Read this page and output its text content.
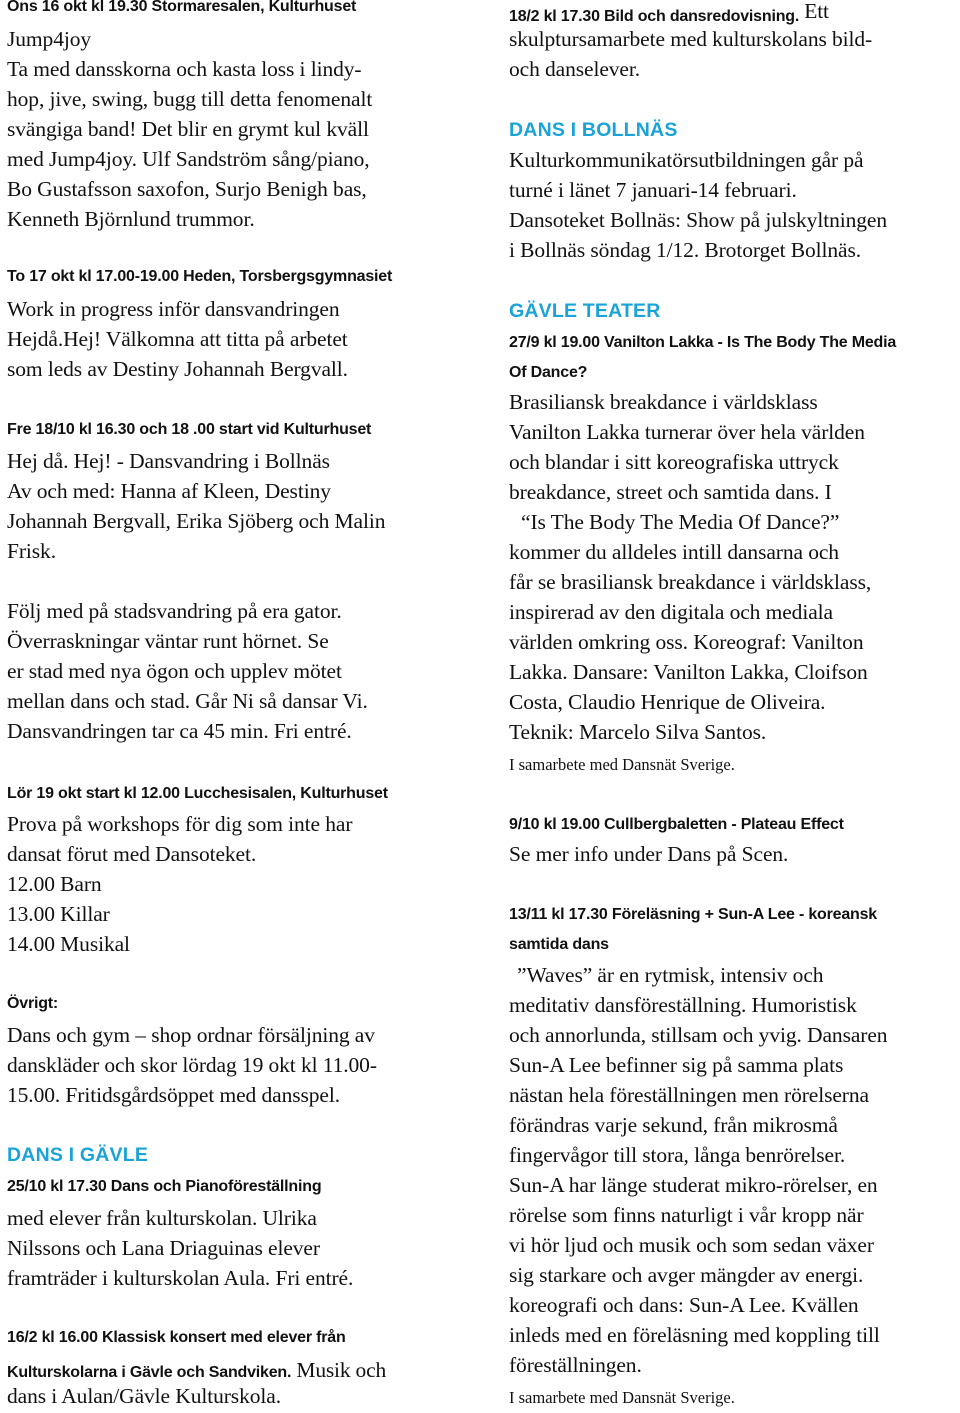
Ons 16 okt kl 19.30 Stormaresalen, Kulturhuset
Jump4joy
Ta med dansskorna och kasta loss i lindy-
hop, jive, swing, bugg till detta fenomenalt
svängiga band! Det blir en grymt kul kväll
med Jump4joy. Ulf Sandström sång/piano,
Bo Gustafsson saxofon, Surjo Benigh bas,
Kenneth Björnlund trummor.
To 17 okt kl 17.00-19.00 Heden, Torsbergsgymnasiet
Work in progress inför dansvandringen
Hejdå.Hej! Välkomna att titta på arbetet
som leds av Destiny Johannah Bergvall.
Fre 18/10 kl 16.30 och 18 .00 start vid Kulturhuset
Hej då. Hej! - Dansvandring i Bollnäs
Av och med: Hanna af Kleen, Destiny
Johannah Bergvall, Erika Sjöberg och Malin
Frisk.
Följ med på stadsvandring på era gator.
Överraskningar väntar runt hörnet. Se
er stad med nya ögon och upplev mötet
mellan dans och stad. Går Ni så dansar Vi.
Dansvandringen tar ca 45 min. Fri entré.
Lör 19 okt start kl 12.00 Lucchesisalen, Kulturhuset
Prova på workshops för dig som inte har
dansat förut med Dansoteket.
12.00 Barn
13.00 Killar
14.00 Musikal
Övrigt:
Dans och gym – shop ordnar försäljning av
danskläder och skor lördag 19 okt kl 11.00-
15.00. Fritidsgårdsöppet med dansspel.
DANS I GÄVLE
25/10 kl 17.30 Dans och Pianoföreställning
med elever från kulturskolan. Ulrika
Nilssons och Lana Driaguinas elever
framträder i kulturskolan Aula. Fri entré.
16/2 kl 16.00 Klassisk konsert med elever från
Kulturskolarna i Gävle och Sandviken. Musik och
dans i Aulan/Gävle Kulturskola.
18/2 kl 17.30 Bild och dansredovisning. Ett
skulptursamarbete med kulturskolans bild-
och danselever.
DANS I BOLLNÄS
Kulturkommunikatörsutbildningen går på
turné i länet 7 januari-14 februari.
Dansoteket Bollnäs: Show på julskyltningen
i Bollnäs söndag 1/12. Brotorget Bollnäs.
GÄVLE TEATER
27/9 kl 19.00 Vanilton Lakka - Is The Body The Media
Of Dance?
Brasiliansk breakdance i världsklass
Vanilton Lakka turnerar över hela världen
och blandar i sitt koreografiska uttryck
breakdance, street och samtida dans. I
“Is The Body The Media Of Dance?”
kommer du alldeles intill dansarna och
får se brasiliansk breakdance i världsklass,
inspirerad av den digitala och mediala
världen omkring oss. Koreograf: Vanilton
Lakka. Dansare: Vanilton Lakka, Cloifson
Costa, Claudio Henrique de Oliveira.
Teknik: Marcelo Silva Santos.
I samarbete med Dansnät Sverige.
9/10 kl 19.00 Cullbergbaletten - Plateau Effect
Se mer info under Dans på Scen.
13/11 kl 17.30 Föreläsning + Sun-A Lee - koreansk
samtida dans
”Waves” är en rytmisk, intensiv och
meditativ dansföreställning. Humoristisk
och annorlunda, stillsam och yvig. Dansaren
Sun-A Lee befinner sig på samma plats
nästan hela föreställningen men rörelserna
förändras varje sekund, från mikrosmå
fingervågor till stora, långa benrörelser.
Sun-A har länge studerat mikro-rörelser, en
rörelse som finns naturligt i vår kropp när
vi hör ljud och musik och som sedan växer
sig starkare och avger mängder av energi.
koreografi och dans: Sun-A Lee. Kvällen
inleds med en föreläsning med koppling till
föreställningen.
I samarbete med Dansnät Sverige.
